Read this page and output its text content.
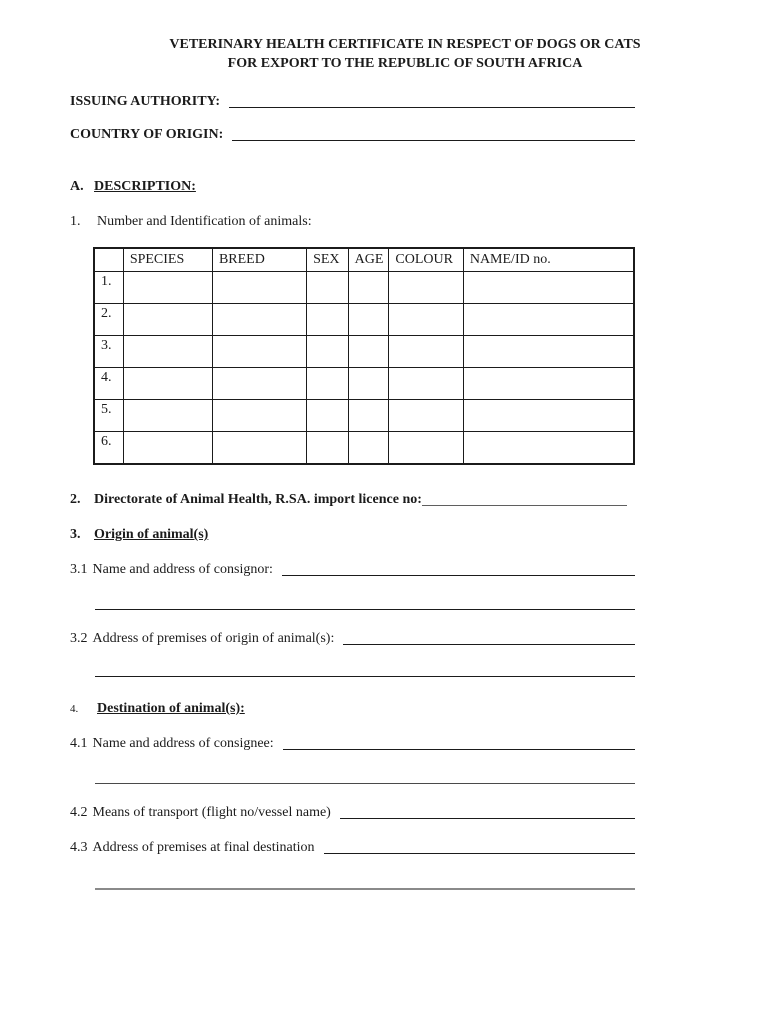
VETERINARY HEALTH CERTIFICATE IN RESPECT OF DOGS OR CATS
FOR EXPORT TO THE REPUBLIC OF SOUTH AFRICA
ISSUING AUTHORITY:
COUNTRY OF ORIGIN:
A. DESCRIPTION:
1. Number and Identification of animals:
	SPECIES	BREED	SEX	AGE	COLOUR	NAME/ID no.
1.						
2.						
3.						
4.						
5.						
6.						
2. Directorate of Animal Health, R.SA. import licence no:
3. Origin of animal(s)
3.1 Name and address of consignor:
3.2 Address of premises of origin of animal(s):
4. Destination of animal(s):
4.1 Name and address of consignee:
4.2 Means of transport (flight no/vessel name)
4.3 Address of premises at final destination
